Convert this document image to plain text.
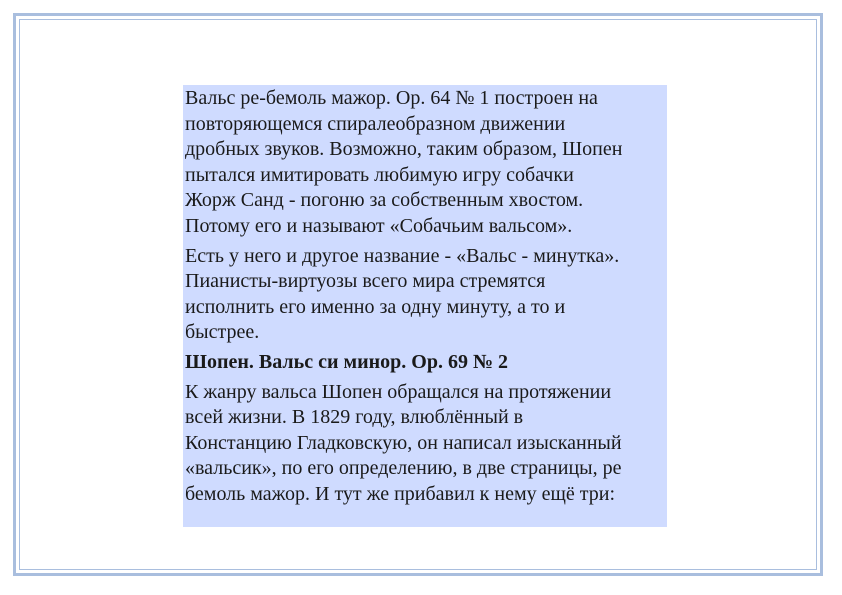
Вальс ре-бемоль мажор. Ор. 64 № 1 построен на
повторяющемся спиралеобразном движении
дробных звуков. Возможно, таким образом, Шопен
пытался имитировать любимую игру собачки
Жорж Санд - погоню за собственным хвостом.
Потому его и называют «Собачьим вальсом».

Есть у него и другое название - «Вальс - минутка».
Пианисты-виртуозы всего мира стремятся
исполнить его именно за одну минуту, а то и
быстрее.

Шопен. Вальс си минор. Ор. 69 № 2

К жанру вальса Шопен обращался на протяжении
всей жизни. В 1829 году, влюблённый в
Констанцию Гладковскую, он написал изысканный
«вальсик», по его определению, в две страницы, ре
бемоль мажор. И тут же прибавил к нему ещё три:
